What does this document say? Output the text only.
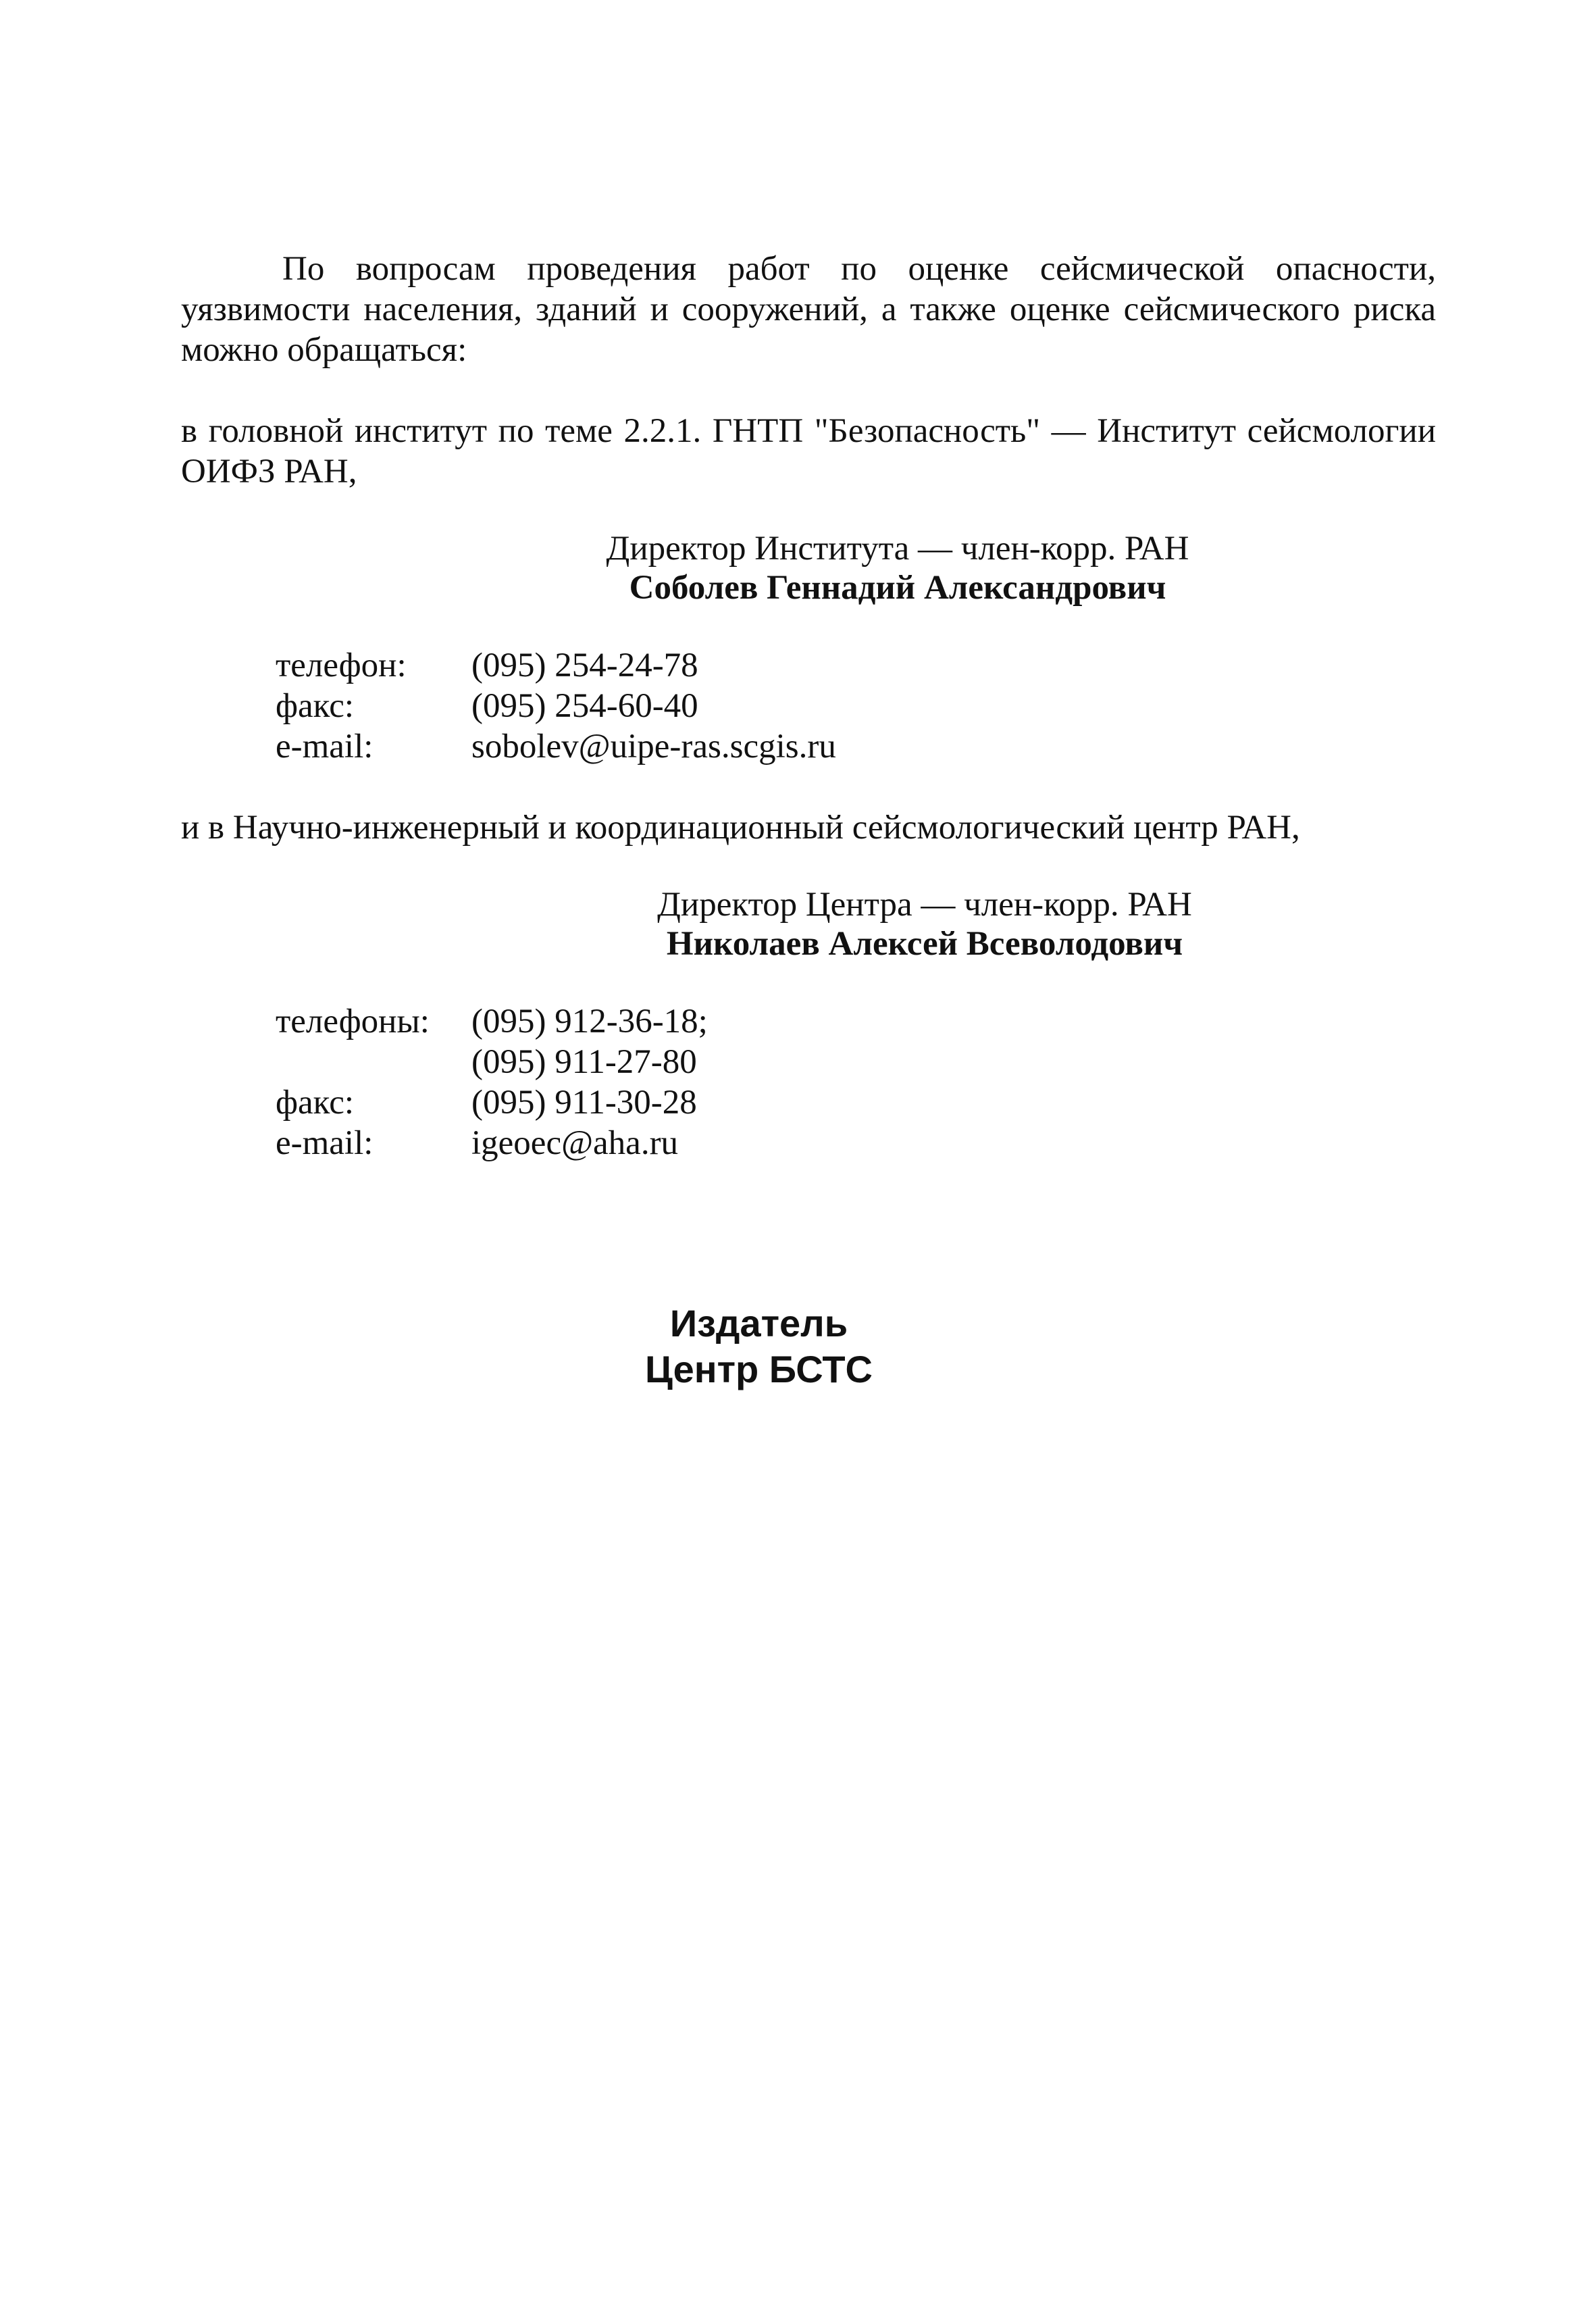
По вопросам проведения работ по оценке сейсмической опасности, уязвимости населения, зданий и сооружений, а также оценке сейсмического риска можно обращаться:

в головной институт по теме 2.2.1. ГНТП "Безопасность" — Институт сейсмологии ОИФЗ РАН,

Директор Института — член-корр. РАН
Соболев Геннадий Александрович
телефон:	(095) 254-24-78
факс:	(095) 254-60-40
e-mail:	sobolev@uipe-ras.scgis.ru

и в Научно-инженерный и координационный сейсмологический центр РАН,

Директор Центра — член-корр. РАН
Николаев Алексей Всеволодович
телефоны:	(095) 912-36-18;
(095) 911-27-80
факс:	(095) 911-30-28
e-mail:	igeoec@aha.ru
Издатель
Центр БСТС
